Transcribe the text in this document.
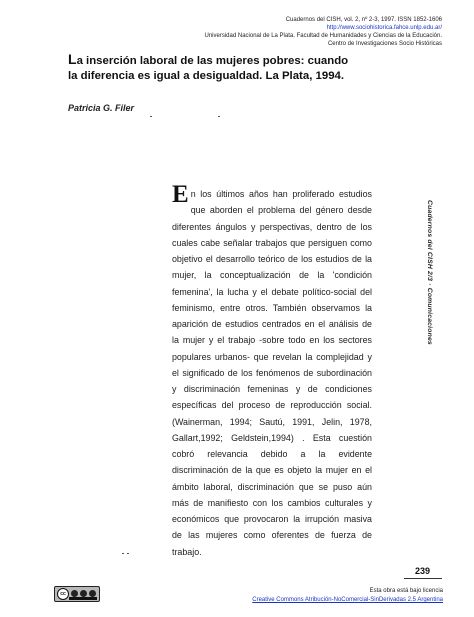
Cuadernos del CISH, vol. 2, nº 2-3, 1997. ISSN 1852-1606
http://www.sociohistorica.fahce.unlp.edu.ar/
Universidad Nacional de La Plata. Facultad de Humanidades y Ciencias de la Educación.
Centro de Investigaciones Socio Históricas
La inserción laboral de las mujeres pobres: cuando
la diferencia es igual a desigualdad. La Plata, 1994.
Patricia G. Filer
En los últimos años han proliferado estudios que aborden el problema del género desde diferentes ángulos y perspectivas, dentro de los cuales cabe señalar trabajos que persiguen como objetivo el desarrollo teórico de los estudios de la mujer, la conceptualización de la 'condición femenina', la lucha y el debate político-social del feminismo, entre otros. También observamos la aparición de estudios centrados en el análisis de la mujer y el trabajo -sobre todo en los sectores populares urbanos- que revelan la complejidad y el significado de los fenómenos de subordinación y discriminación femeninas y de condiciones específicas del proceso de reproducción social. (Wainerman, 1994; Sautú, 1991, Jelin, 1978, Gallart,1992; Geldstein,1994) . Esta cuestión cobró relevancia debido a la evidente discriminación de la que es objeto la mujer en el ámbito laboral, discriminación que se puso aún más de manifiesto con los cambios culturales y económicos que provocaron la irrupción masiva de las mujeres como oferentes de fuerza de trabajo.
Cuadernos del CISH 2/3 · Comunicaciones
239
cc	Esta obra está bajo licencia
Creative Commons Atribución-NoComercial-SinDerivadas 2.5 Argentina
